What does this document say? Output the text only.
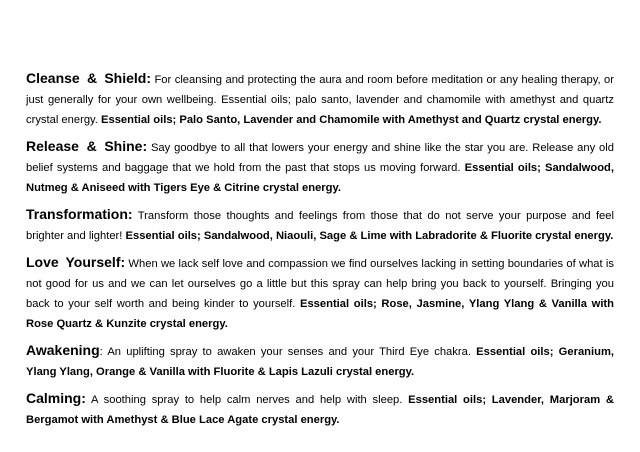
Cleanse & Shield: For cleansing and protecting the aura and room before meditation or any healing therapy, or just generally for your own wellbeing. Essential oils; palo santo, lavender and chamomile with amethyst and quartz crystal energy. Essential oils; Palo Santo, Lavender and Chamomile with Amethyst and Quartz crystal energy.

Release & Shine: Say goodbye to all that lowers your energy and shine like the star you are. Release any old belief systems and baggage that we hold from the past that stops us moving forward. Essential oils; Sandalwood, Nutmeg & Aniseed with Tigers Eye & Citrine crystal energy.

Transformation: Transform those thoughts and feelings from those that do not serve your purpose and feel brighter and lighter! Essential oils; Sandalwood, Niaouli, Sage & Lime with Labradorite & Fluorite crystal energy.

Love Yourself: When we lack self love and compassion we find ourselves lacking in setting boundaries of what is not good for us and we can let ourselves go a little but this spray can help bring you back to yourself. Bringing you back to your self worth and being kinder to yourself. Essential oils; Rose, Jasmine, Ylang Ylang & Vanilla with Rose Quartz & Kunzite crystal energy.

Awakening: An uplifting spray to awaken your senses and your Third Eye chakra. Essential oils; Geranium, Ylang Ylang, Orange & Vanilla with Fluorite & Lapis Lazuli crystal energy.

Calming: A soothing spray to help calm nerves and help with sleep. Essential oils; Lavender, Marjoram & Bergamot with Amethyst & Blue Lace Agate crystal energy.
